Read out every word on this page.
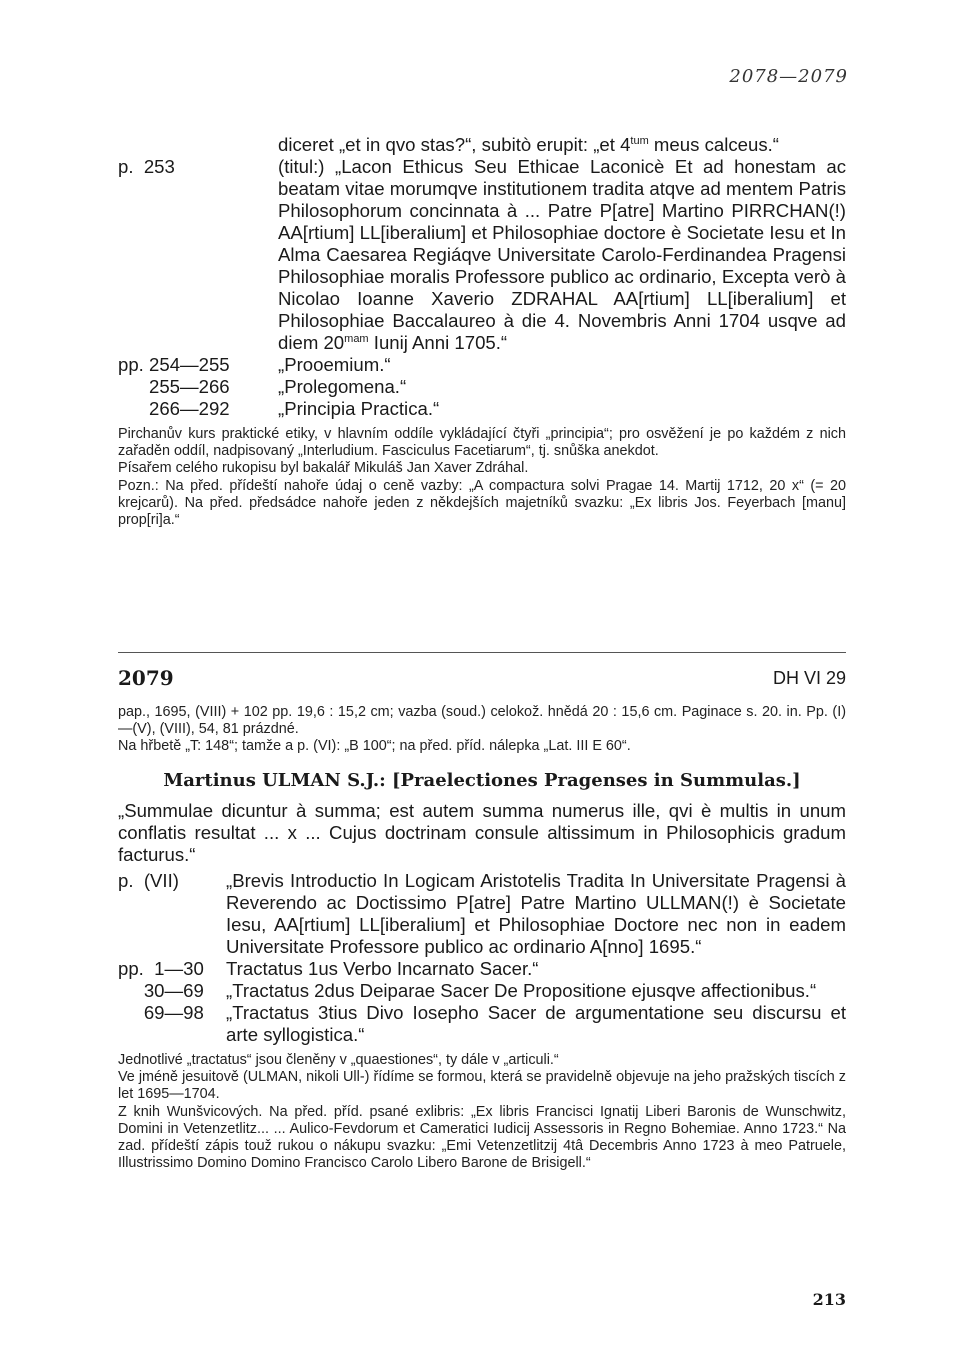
2078—2079
diceret „et in qvo stas?“, subitò erupit: „et $4^{tum}$ meus calceus.“
p.  253	(titul:) „Lacon Ethicus Seu Ethicae Laconicè Et ad honestam ac beatam vitae morumqve institutionem tradita atqve ad mentem Patris Philosophorum concinnata à ... Patre P[atre] Martino PIRRCHAN(!) AA[rtium] LL[iberalium] et Philosophiae doctore è Societate Iesu et In Alma Caesarea Regiáqve Universitate Carolo-Ferdinandea Pragensi Philosophiae moralis Professore publico ac ordinario, Excepta verò à Nicolao Ioanne Xaverio ZDRAHAL AA[rtium] LL[iberalium] et Philosophiae Baccalaureo à die 4. Novembris Anni 1704 usqve ad diem $20^{mam}$ Iunij Anni 1705.“
pp. 254—255	„Prooemium.“
255—266	„Prolegomena.“
266—292	„Principia Practica.“
Pirchanův kurs praktické etiky, v hlavním oddíle vykládající čtyři „principia“; pro osvěžení je po každém z nich zařaděn oddíl, nadpisovaný „Interludium. Fasciculus Facetiarum“, tj. snůška anekdot.
Písařem celého rukopisu byl bakalář Mikuláš Jan Xaver Zdráhal.
Pozn.: Na před. přídeští nahoře údaj o ceně vazby: „A compactura solvi Pragae 14. Martij 1712, 20 x“ (= 20 krejcarů). Na před. předsádce nahoře jeden z někdejších majetníků svazku: „Ex libris Jos. Feyerbach [manu] prop[ri]a.“
2079	DH VI 29
pap., 1695, (VIII) + 102 pp. 19,6 : 15,2 cm; vazba (soud.) celokož. hnědá 20 : 15,6 cm. Paginace s. 20. in. Pp. (I)—(V), (VIII), 54, 81 prázdné.
Na hřbetě „T: 148“; tamže a p. (VI): „B 100“; na před. příd. nálepka „Lat. III E 60“.
Martinus ULMAN S.J.: [Praelectiones Pragenses in Summulas.]
„Summulae dicuntur à summa; est autem summa numerus ille, qvi è multis in unum conflatis resultat ... x ... Cujus doctrinam consule altissimum in Philosophicis gradum facturus.“
p.  (VII)	„Brevis Introductio In Logicam Aristotelis Tradita In Universitate Pragensi à Reverendo ac Doctissimo P[atre] Patre Martino ULLMAN(!) è Societate Iesu, AA[rtium] LL[iberalium] et Philosophiae Doctore nec non in eadem Universitate Professore publico ac ordinario A[nno] 1695.“
pp.  1—30 Tractatus 1us Verbo Incarnato Sacer.“
30—69 „Tractatus 2dus Deiparae Sacer De Propositione ejusqve affectionibus.“
69—98 „Tractatus 3tius Divo Iosepho Sacer de argumentatione seu discursu et arte syllogistica.“
Jednotlivé „tractatus“ jsou členěny v „quaestiones“, ty dále v „articuli.“
Ve jméně jesuitově (ULMAN, nikoli Ull-) řídíme se formou, která se pravidelně objevuje na jeho pražských tiscích z let 1695—1704.
Z knih Wunšvicových. Na před. příd. psané exlibris: „Ex libris Francisci Ignatij Liberi Baronis de Wunschwitz, Domini in Vetenzetlitz... ... Aulico-Fevdorum et Cameratici Iudicij Assessoris in Regno Bohemiae. Anno 1723.“ Na zad. přídeští zápis touž rukou o nákupu svazku: „Emi Vetenzetlitzij 4tâ Decembris Anno 1723 à meo Patruele, Illustrissimo Domino Domino Francisco Carolo Libero Barone de Brisigell.“
213
